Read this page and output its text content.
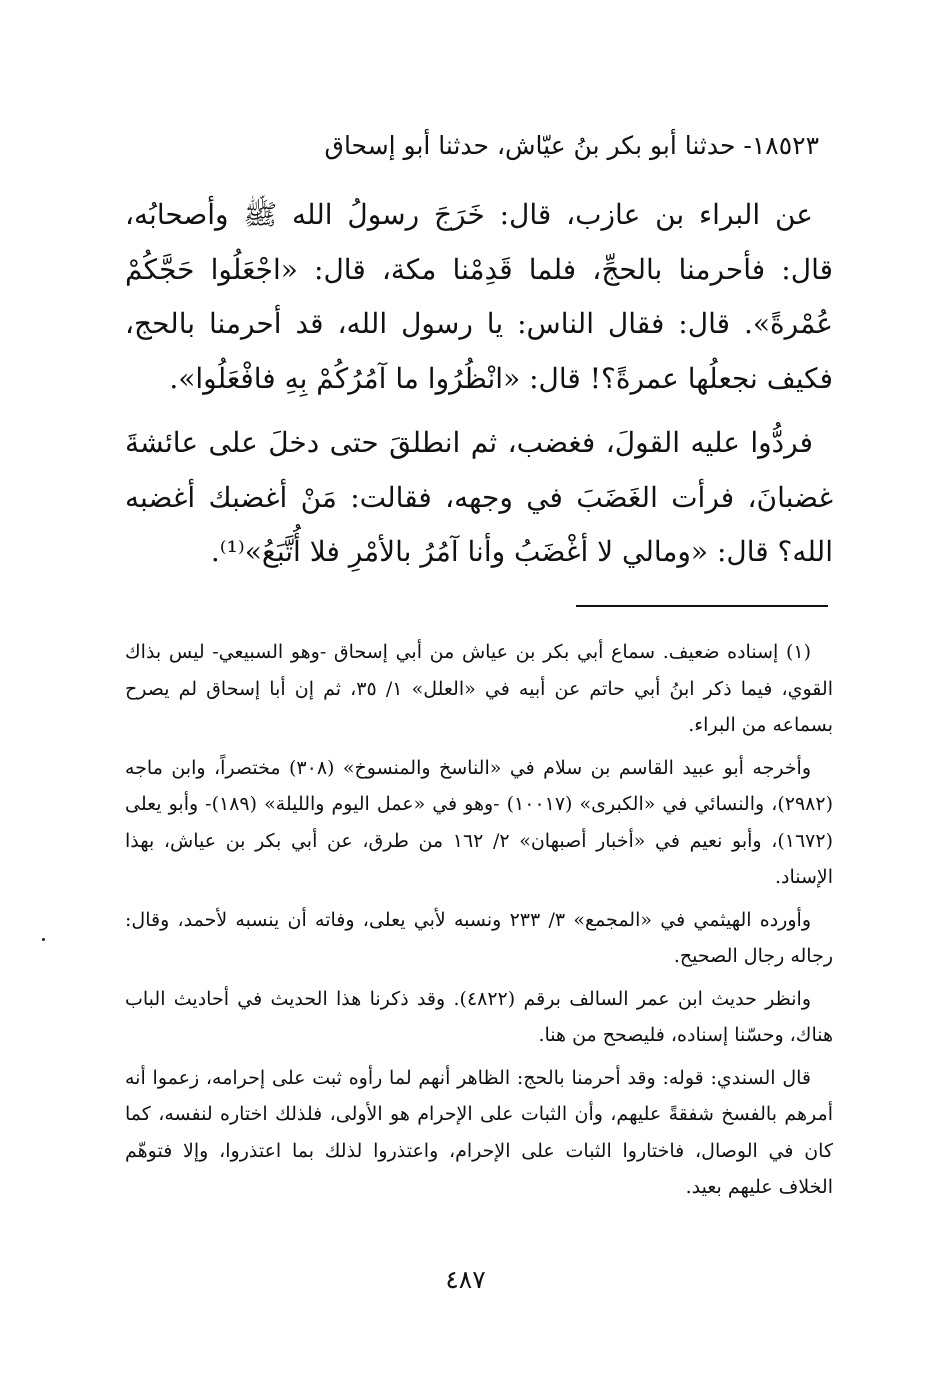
١٨٥٢٣- حدثنا أبو بكر بنُ عيّاش، حدثنا أبو إسحاق

عن البراء بن عازب، قال: خَرَجَ رسولُ الله ﷺ وأصحابُه، قال: فأحرمنا بالحجِّ، فلما قَدِمْنا مكة، قال: «اجْعَلُوا حَجَّكُمْ عُمْرةً». قال: فقال الناس: يا رسول الله، قد أحرمنا بالحج، فكيف نجعلُها عمرةً؟! قال: «انْظُرُوا ما آمُرُكُمْ بِهِ فافْعَلُوا».

فردُّوا عليه القولَ، فغضب، ثم انطلقَ حتى دخلَ على عائشةَ غضبانَ، فرأت الغَضَبَ في وجهه، فقالت: مَنْ أغضبك أغضبه الله؟ قال: «ومالي لا أغْضَبُ وأنا آمُرُ بالأمْرِ فلا أُتَّبَعُ»⁽¹⁾.

(١) إسناده ضعيف. سماع أبي بكر بن عياش من أبي إسحاق -وهو السبيعي- ليس بذاك القوي، فيما ذكر ابنُ أبي حاتم عن أبيه في «العلل» ١/ ٣٥، ثم إن أبا إسحاق لم يصرح بسماعه من البراء.

وأخرجه أبو عبيد القاسم بن سلام في «الناسخ والمنسوخ» (٣٠٨) مختصراً، وابن ماجه (٢٩٨٢)، والنسائي في «الكبرى» (١٠٠١٧) -وهو في «عمل اليوم والليلة» (١٨٩)- وأبو يعلى (١٦٧٢)، وأبو نعيم في «أخبار أصبهان» ٢/ ١٦٢ من طرق، عن أبي بكر بن عياش، بهذا الإسناد.

وأورده الهيثمي في «المجمع» ٣/ ٢٣٣ ونسبه لأبي يعلى، وفاته أن ينسبه لأحمد، وقال: رجاله رجال الصحيح.

وانظر حديث ابن عمر السالف برقم (٤٨٢٢). وقد ذكرنا هذا الحديث في أحاديث الباب هناك، وحسّنا إسناده، فليصحح من هنا.

قال السندي: قوله: وقد أحرمنا بالحج: الظاهر أنهم لما رأوه ثبت على إحرامه، زعموا أنه أمرهم بالفسخ شفقةً عليهم، وأن الثبات على الإحرام هو الأولى، فلذلك اختاره لنفسه، كما كان في الوصال، فاختاروا الثبات على الإحرام، واعتذروا لذلك بما اعتذروا، وإلا فتوهّم الخلاف عليهم بعيد.

٤٨٧
